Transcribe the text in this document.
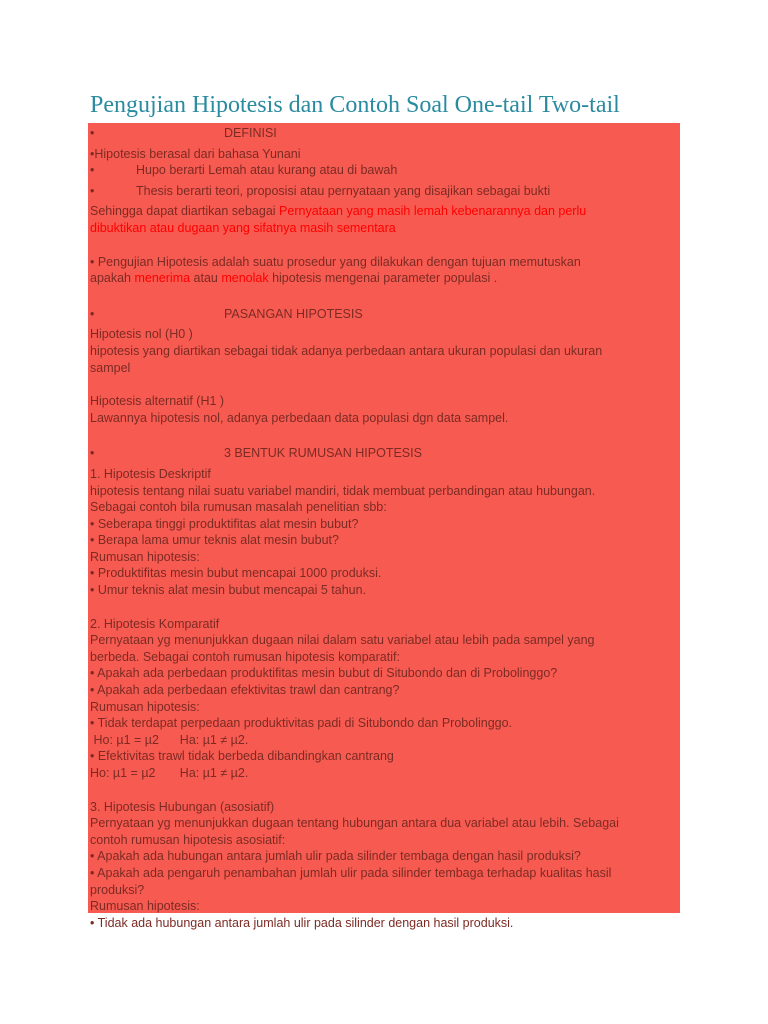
Pengujian Hipotesis dan Contoh Soal One-tail Two-tail
•	DEFINISI

•Hipotesis berasal dari bahasa Yunani

•	Hupo berarti Lemah atau kurang atau di bawah
•	Thesis berarti teori, proposisi atau pernyataan yang disajikan sebagai bukti

Sehingga dapat diartikan sebagai Pernyataan yang masih lemah kebenarannya dan perlu

dibuktikan atau dugaan yang sifatnya masih sementara

• Pengujian Hipotesis adalah suatu prosedur yang dilakukan dengan tujuan memutuskan

apakah menerima atau menolak hipotesis mengenai parameter populasi .

•	PASANGAN HIPOTESIS

Hipotesis nol (H0 )

hipotesis yang diartikan sebagai tidak adanya perbedaan antara ukuran populasi dan ukuran

sampel

Hipotesis alternatif (H1 )

Lawannya hipotesis nol, adanya perbedaan data populasi dgn data sampel.

•	3 BENTUK RUMUSAN HIPOTESIS

1. Hipotesis Deskriptif

hipotesis tentang nilai suatu variabel mandiri, tidak membuat perbandingan atau hubungan.

Sebagai contoh bila rumusan masalah penelitian sbb:

• Seberapa tinggi produktifitas alat mesin bubut?

• Berapa lama umur teknis alat mesin bubut?

Rumusan hipotesis:

• Produktifitas mesin bubut mencapai 1000 produksi.

• Umur teknis alat mesin bubut mencapai 5 tahun.

2. Hipotesis Komparatif

Pernyataan yg menunjukkan dugaan nilai dalam satu variabel atau lebih pada sampel yang

berbeda. Sebagai contoh rumusan hipotesis komparatif:

• Apakah ada perbedaan produktifitas mesin bubut di Situbondo dan di Probolinggo?

• Apakah ada perbedaan efektivitas trawl dan cantrang?

Rumusan hipotesis:

• Tidak terdapat perpedaan produktivitas padi di Situbondo dan Probolinggo.

Ho: µ1 = µ2      Ha: µ1 ≠ µ2.

• Efektivitas trawl tidak berbeda dibandingkan cantrang

Ho: µ1 = µ2       Ha: µ1 ≠ µ2.

3. Hipotesis Hubungan (asosiatif)

Pernyataan yg menunjukkan dugaan tentang hubungan antara dua variabel atau lebih. Sebagai

contoh rumusan hipotesis asosiatif:

• Apakah ada hubungan antara jumlah ulir pada silinder tembaga dengan hasil produksi?

• Apakah ada pengaruh penambahan jumlah ulir pada silinder tembaga terhadap kualitas hasil

produksi?

Rumusan hipotesis:

• Tidak ada hubungan antara jumlah ulir pada silinder dengan hasil produksi.
